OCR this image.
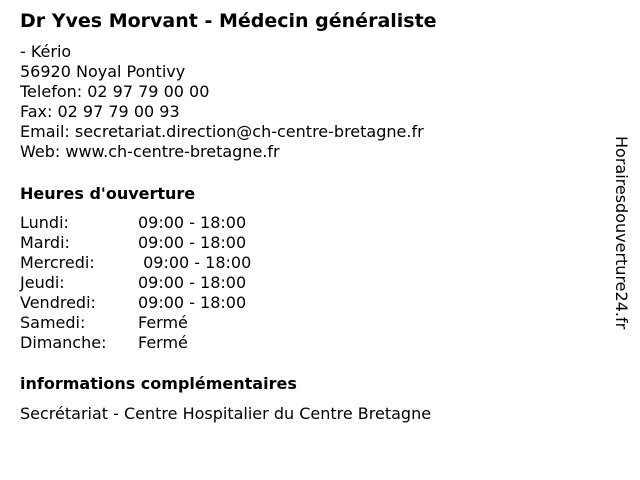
Dr Yves Morvant - Médecin généraliste
- Kério
56920 Noyal Pontivy
Telefon: 02 97 79 00 00
Fax: 02 97 79 00 93
Email: secretariat.direction@ch-centre-bretagne.fr
Web: www.ch-centre-bretagne.fr
Heures d'ouverture
Lundi:	09:00 - 18:00
Mardi:	09:00 - 18:00
Mercredi:	09:00 - 18:00
Jeudi:	09:00 - 18:00
Vendredi:	09:00 - 18:00
Samedi:	Fermé
Dimanche: Fermé
informations complémentaires
Secrétariat - Centre Hospitalier du Centre Bretagne
Horairesdouverture24.fr
